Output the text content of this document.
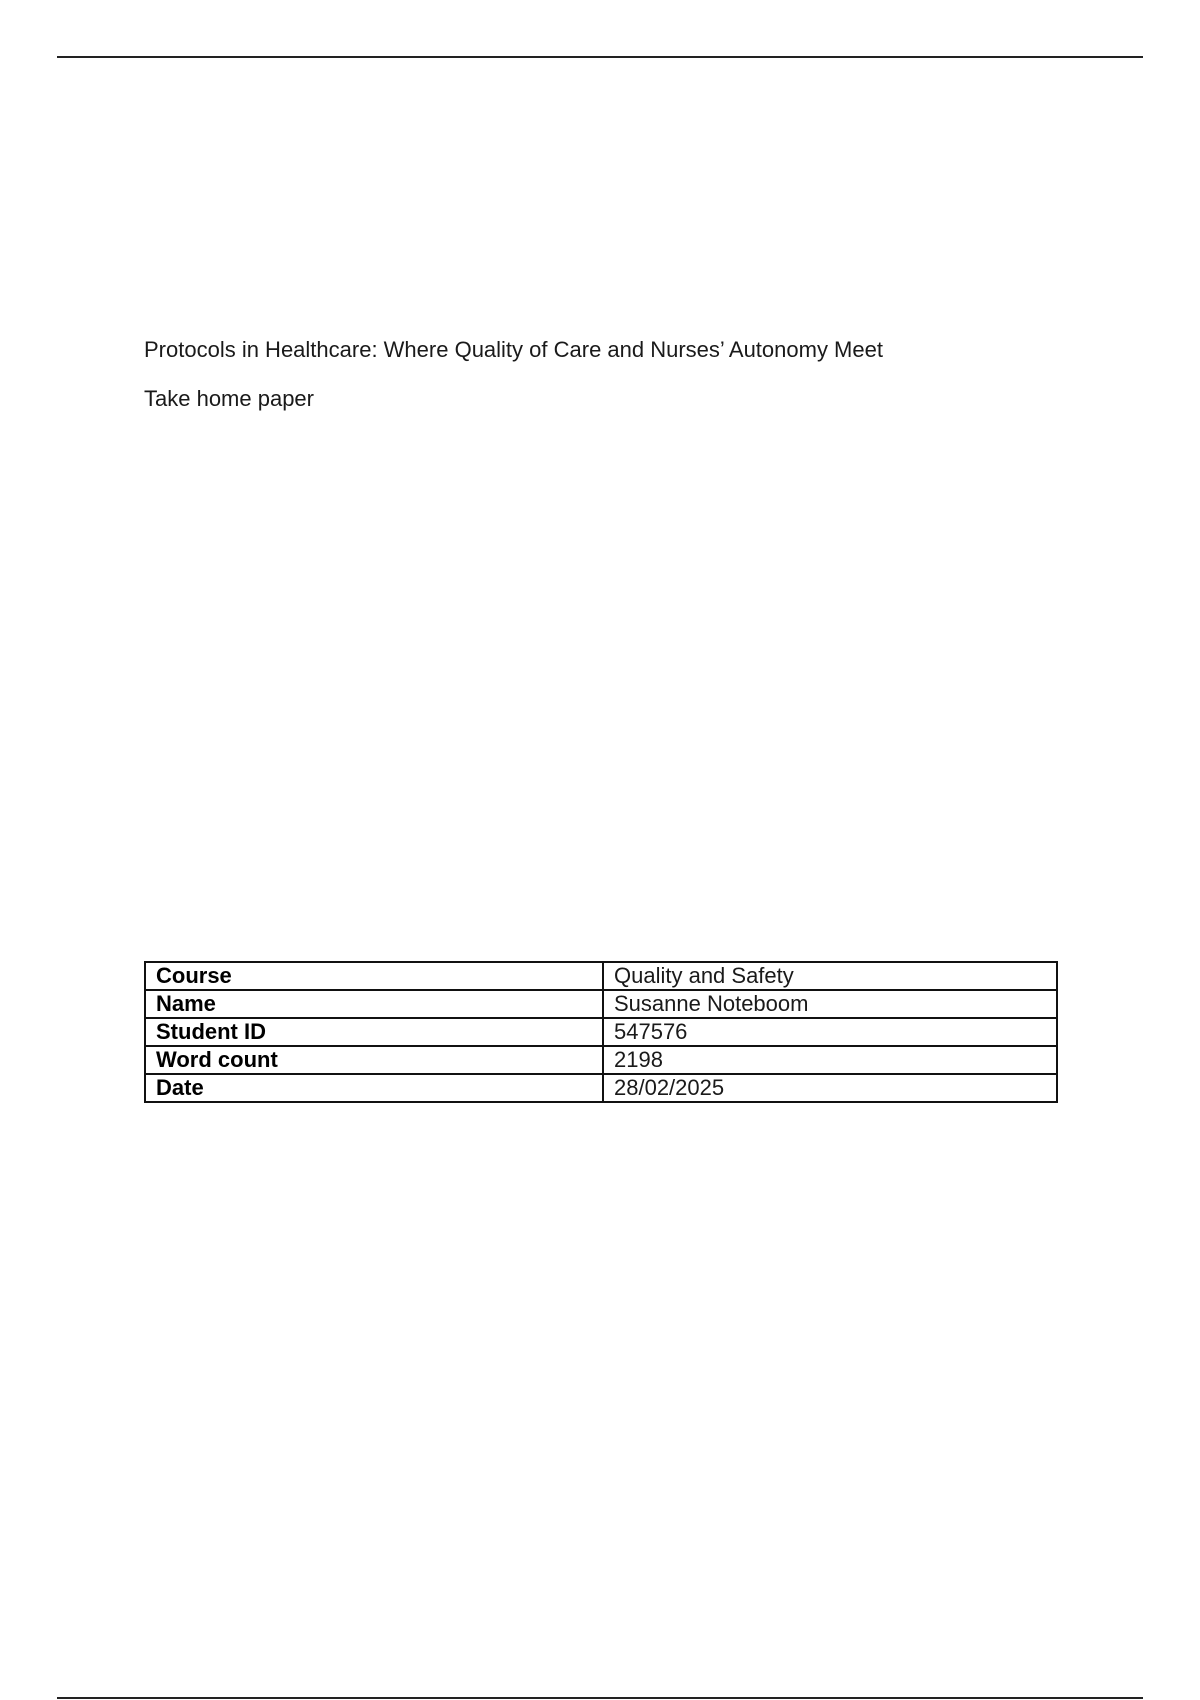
Protocols in Healthcare: Where Quality of Care and Nurses’ Autonomy Meet
Take home paper
Course	Quality and Safety
Name	Susanne Noteboom
Student ID	547576
Word count	2198
Date	28/02/2025
